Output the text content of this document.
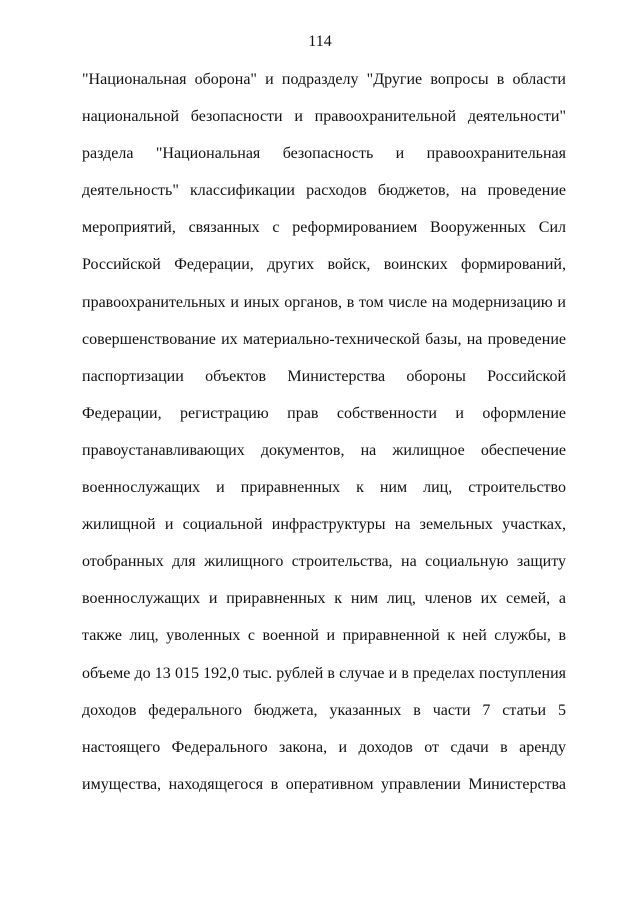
114
"Национальная оборона" и подразделу "Другие вопросы в области
национальной безопасности и правоохранительной деятельности"
раздела "Национальная безопасность и правоохранительная
деятельность" классификации расходов бюджетов, на проведение
мероприятий, связанных с реформированием Вооруженных Сил
Российской Федерации, других войск, воинских формирований,
правоохранительных и иных органов, в том числе на модернизацию и
совершенствование их материально-технической базы, на проведение
паспортизации объектов Министерства обороны Российской
Федерации, регистрацию прав собственности и оформление
правоустанавливающих документов, на жилищное обеспечение
военнослужащих и приравненных к ним лиц, строительство
жилищной и социальной инфраструктуры на земельных участках,
отобранных для жилищного строительства, на социальную защиту
военнослужащих и приравненных к ним лиц, членов их семей, а
также лиц, уволенных с военной и приравненной к ней службы, в
объеме до 13 015 192,0 тыс. рублей в случае и в пределах поступления
доходов федерального бюджета, указанных в части 7 статьи 5
настоящего Федерального закона, и доходов от сдачи в аренду
имущества, находящегося в оперативном управлении Министерства
